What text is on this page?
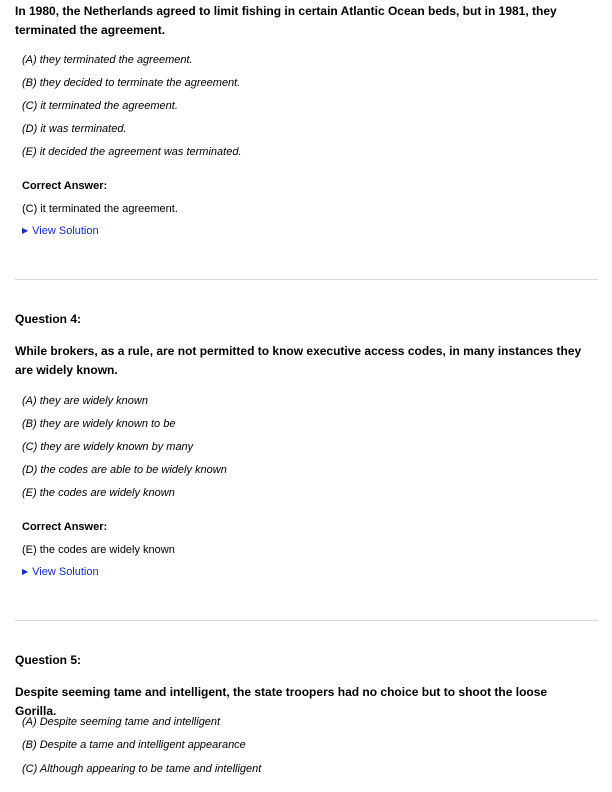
In 1980, the Netherlands agreed to limit fishing in certain Atlantic Ocean beds, but in 1981, they terminated the agreement.
(A) they terminated the agreement.
(B) they decided to terminate the agreement.
(C) it terminated the agreement.
(D) it was terminated.
(E) it decided the agreement was terminated.
Correct Answer:
(C) it terminated the agreement.
▶ View Solution
Question 4:
While brokers, as a rule, are not permitted to know executive access codes, in many instances they are widely known.
(A) they are widely known
(B) they are widely known to be
(C) they are widely known by many
(D) the codes are able to be widely known
(E) the codes are widely known
Correct Answer:
(E) the codes are widely known
▶ View Solution
Question 5:
Despite seeming tame and intelligent, the state troopers had no choice but to shoot the loose Gorilla.
(A) Despite seeming tame and intelligent
(B) Despite a tame and intelligent appearance
(C) Although appearing to be tame and intelligent
